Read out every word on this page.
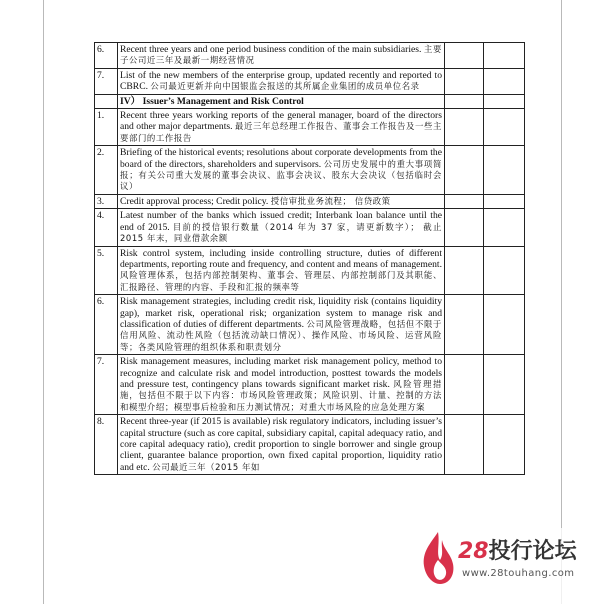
6.	Recent three years and one period business condition of the main subsidiaries. 主要子公司近三年及最新一期经营情况		
7.	List of the new members of the enterprise group, updated recently and reported to CBRC. 公司最近更新并向中国银监会报送的其所属企业集团的成员单位名录		
	IV） Issuer’s Management and Risk Control		
1.	Recent three years working reports of the general manager, board of the directors and other major departments. 最近三年总经理工作报告、董事会工作报告及一些主要部门的工作报告		
2.	Briefing of the historical events; resolutions about corporate developments from the board of the directors, shareholders and supervisors. 公司历史发展中的重大事项简报；有关公司重大发展的董事会决议、监事会决议、股东大会决议（包括临时会议）		
3.	Credit approval process; Credit policy. 授信审批业务流程； 信贷政策		
4.	Latest number of the banks which issued credit; Interbank loan balance until the end of 2015. 目前的授信银行数量（2014 年为 37 家，请更新数字）； 截止 2015 年末，同业借款余额		
5.	Risk control system, including inside controlling structure, duties of different departments, reporting route and frequency, and content and means of management. 风险管理体系，包括内部控制架构、董事会、管理层、内部控制部门及其职能、汇报路径、管理的内容、手段和汇报的频率等		
6.	Risk management strategies, including credit risk, liquidity risk (contains liquidity gap), market risk, operational risk; organization system to manage risk and classification of duties of different departments. 公司风险管理战略，包括但不限于信用风险、流动性风险（包括流动缺口情况）、操作风险、市场风险、运营风险等；各类风险管理的组织体系和职责划分		
7.	Risk management measures, including market risk management policy, method to recognize and calculate risk and model introduction, posttest towards the models and pressure test, contingency plans towards significant market risk. 风险管理措施，包括但不限于以下内容：市场风险管理政策；风险识别、计量、控制的方法和模型介绍；模型事后检验和压力测试情况；对重大市场风险的应急处理方案		
8.	Recent three-year (if 2015 is available) risk regulatory indicators, including issuer’s capital structure (such as core capital, subsidiary capital, capital adequacy ratio, and core capital adequacy ratio), credit proportion to single borrower and single group client, guarantee balance proportion, own fixed capital proportion, liquidity ratio and etc. 公司最近三年（2015 年如		
28投行论坛
www.28touhang.com
